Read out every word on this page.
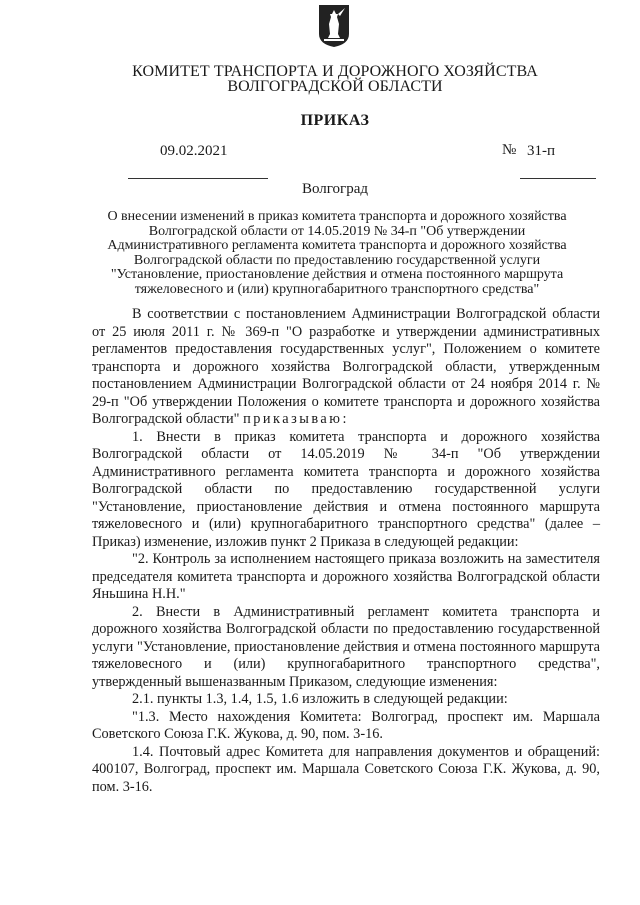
КОМИТЕТ ТРАНСПОРТА И ДОРОЖНОГО ХОЗЯЙСТВА
ВОЛГОГРАДСКОЙ ОБЛАСТИ
ПРИКАЗ
09.02.2021	№ 31-п
Волгоград
О внесении изменений в приказ комитета транспорта и дорожного хозяйства
Волгоградской области от 14.05.2019 № 34-п "Об утверждении
Административного регламента комитета транспорта и дорожного хозяйства
Волгоградской области по предоставлению государственной услуги
"Установление, приостановление действия и отмена постоянного маршрута
тяжеловесного и (или) крупногабаритного транспортного средства"

В соответствии с постановлением Администрации Волгоградской области от 25 июля 2011 г. № 369-п "О разработке и утверждении административных регламентов предоставления государственных услуг", Положением о комитете транспорта и дорожного хозяйства Волгоградской области, утвержденным постановлением Администрации Волгоградской области от 24 ноября 2014 г. № 29-п "Об утверждении Положения о комитете транспорта и дорожного хозяйства Волгоградской области" приказываю:

1. Внести в приказ комитета транспорта и дорожного хозяйства Волгоградской области от 14.05.2019 № 34-п "Об утверждении Административного регламента комитета транспорта и дорожного хозяйства Волгоградской области по предоставлению государственной услуги "Установление, приостановление действия и отмена постоянного маршрута тяжеловесного и (или) крупногабаритного транспортного средства" (далее – Приказ) изменение, изложив пункт 2 Приказа в следующей редакции:

"2. Контроль за исполнением настоящего приказа возложить на заместителя председателя комитета транспорта и дорожного хозяйства Волгоградской области Яньшина Н.Н."

2. Внести в Административный регламент комитета транспорта и дорожного хозяйства Волгоградской области по предоставлению государственной услуги "Установление, приостановление действия и отмена постоянного маршрута тяжеловесного и (или) крупногабаритного транспортного средства", утвержденный вышеназванным Приказом, следующие изменения:

2.1. пункты 1.3, 1.4, 1.5, 1.6 изложить в следующей редакции:

"1.3. Место нахождения Комитета: Волгоград, проспект им. Маршала Советского Союза Г.К. Жукова, д. 90, пом. 3-16.

1.4. Почтовый адрес Комитета для направления документов и обращений: 400107, Волгоград, проспект им. Маршала Советского Союза Г.К. Жукова, д. 90, пом. 3-16.
